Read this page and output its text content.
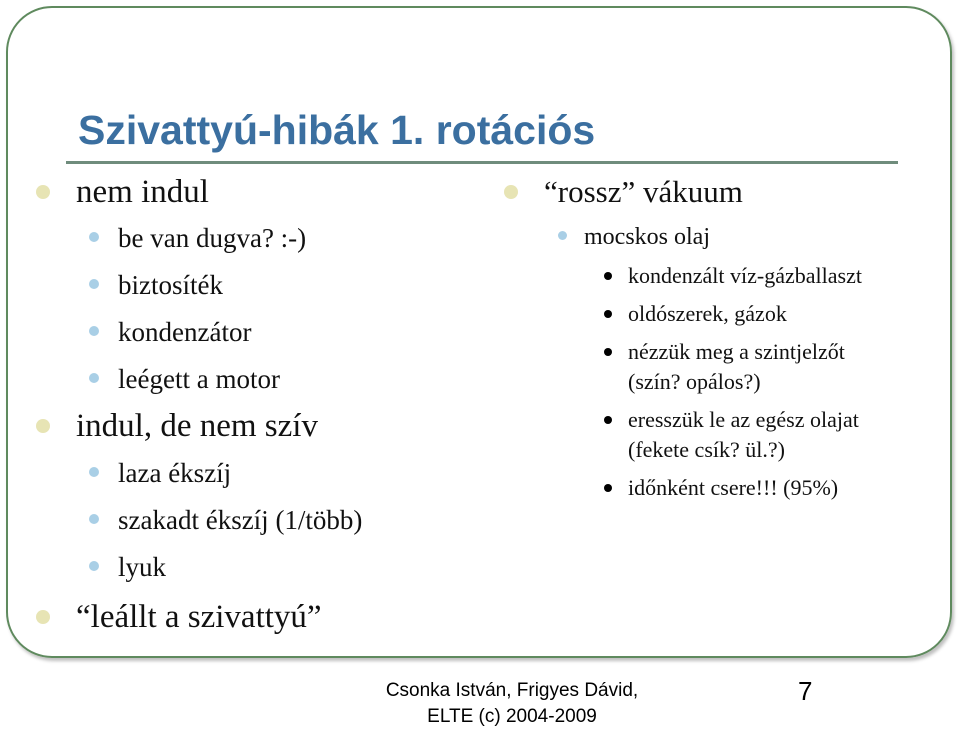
Szivattyú-hibák 1. rotációs
nem indul
be van dugva? :-)
biztosíték
kondenzátor
leégett a motor
indul, de nem szív
laza ékszíj
szakadt ékszíj (1/több)
lyuk
“leállt a szivattyú”
“rossz” vákuum
mocskos olaj
kondenzált víz-gázballaszt
oldószerek, gázok
nézzük meg a szintjelzőt (szín? opálos?)
eresszük le az egész olajat (fekete csík? ül.?)
időnként csere!!! (95%)
Csonka István, Frigyes Dávid,
ELTE (c) 2004-2009
7
